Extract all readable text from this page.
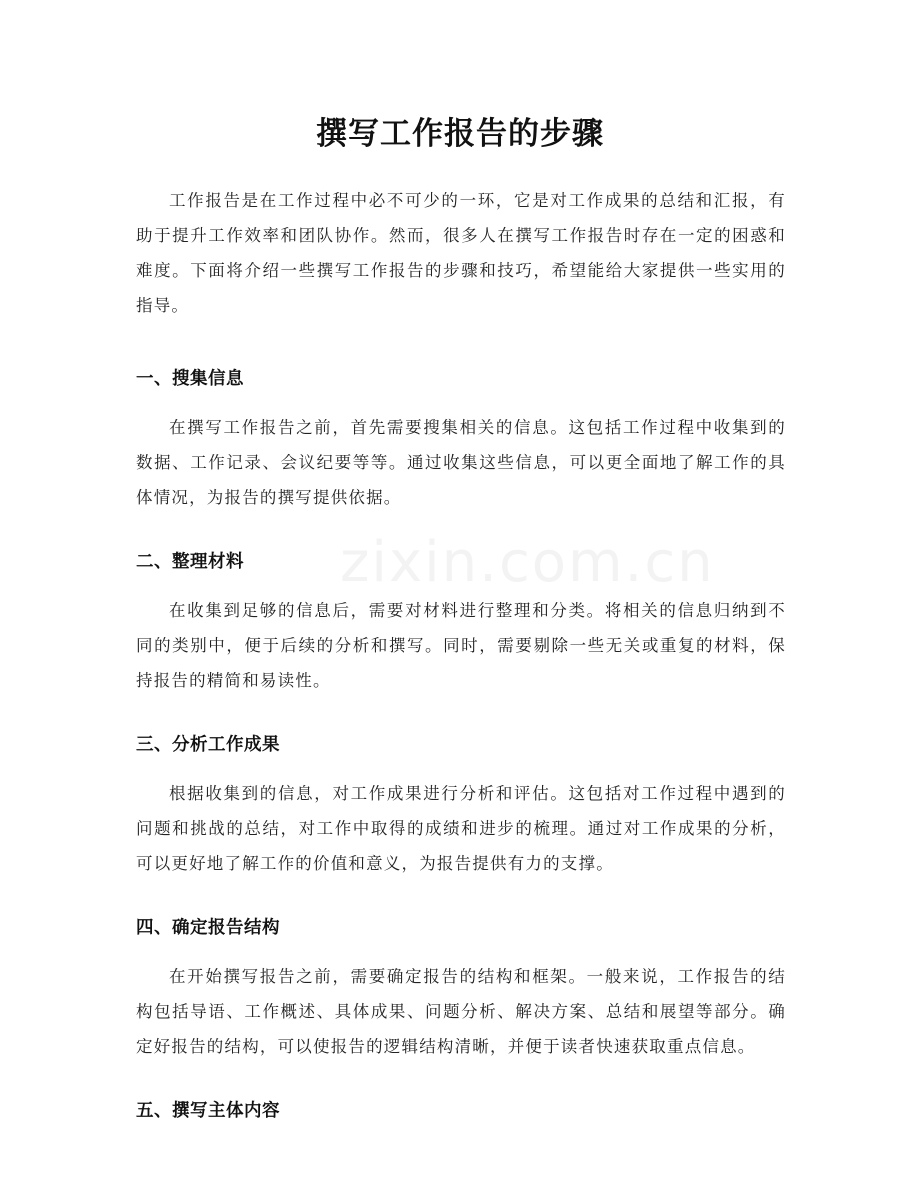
撰写工作报告的步骤
zixin.com.cn

工作报告是在工作过程中必不可少的一环，它是对工作成果的总结和汇报，有助于提升工作效率和团队协作。然而，很多人在撰写工作报告时存在一定的困惑和难度。下面将介绍一些撰写工作报告的步骤和技巧，希望能给大家提供一些实用的指导。

一、搜集信息

在撰写工作报告之前，首先需要搜集相关的信息。这包括工作过程中收集到的数据、工作记录、会议纪要等等。通过收集这些信息，可以更全面地了解工作的具体情况，为报告的撰写提供依据。

二、整理材料

在收集到足够的信息后，需要对材料进行整理和分类。将相关的信息归纳到不同的类别中，便于后续的分析和撰写。同时，需要剔除一些无关或重复的材料，保持报告的精简和易读性。

三、分析工作成果

根据收集到的信息，对工作成果进行分析和评估。这包括对工作过程中遇到的问题和挑战的总结，对工作中取得的成绩和进步的梳理。通过对工作成果的分析，可以更好地了解工作的价值和意义，为报告提供有力的支撑。

四、确定报告结构

在开始撰写报告之前，需要确定报告的结构和框架。一般来说，工作报告的结构包括导语、工作概述、具体成果、问题分析、解决方案、总结和展望等部分。确定好报告的结构，可以使报告的逻辑结构清晰，并便于读者快速获取重点信息。

五、撰写主体内容
